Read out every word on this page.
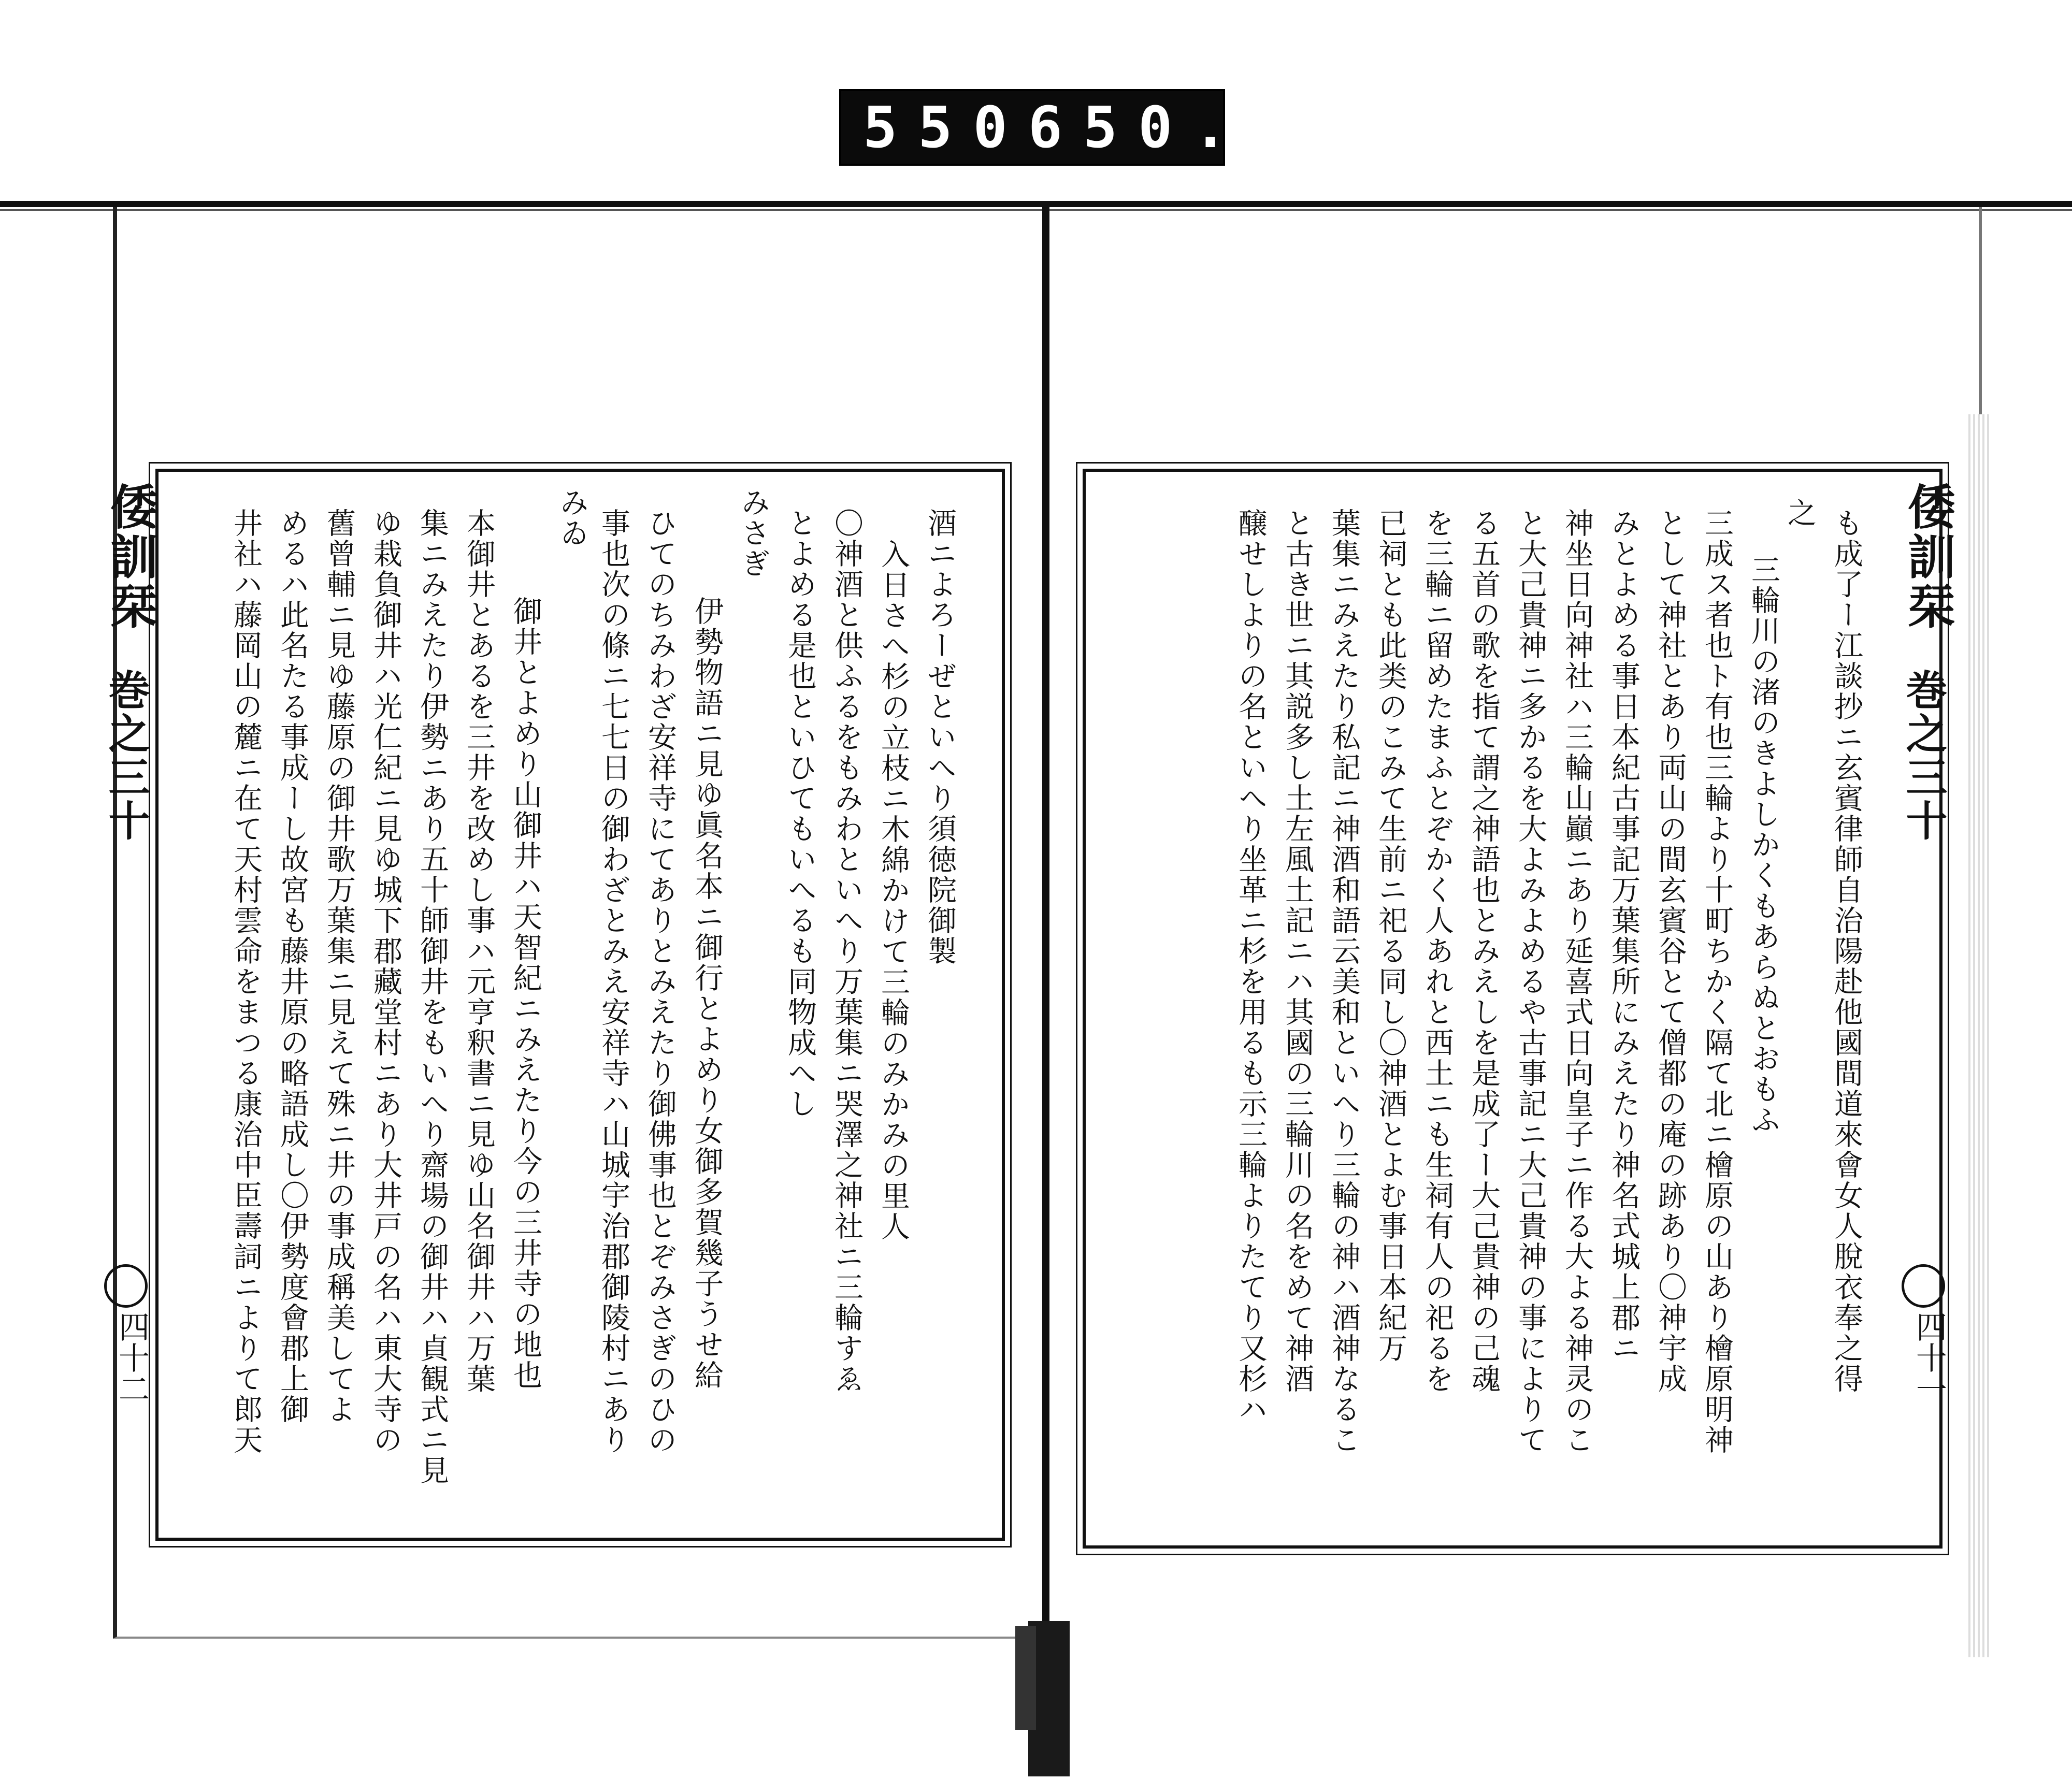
550 650.
倭訓栞
巻之三十
四十一
も成了ー江談抄ニ玄賓律師自治陽赴他國間道來會女人脫衣奉之得
之
三輪川の渚のきよしかくもあらぬとおもふ
三成ス者也ト有也三輪より十町ちかく隔て北ニ檜原の山あり檜原明神
として神社とあり両山の間玄賓谷とて僧都の庵の跡あり〇神宇成
みとよめる事日本紀古事記万葉集所にみえたり神名式城上郡ニ
神坐日向神社ハ三輪山巓ニあり延喜式日向皇子ニ作る大よる神灵のこ
と大己貴神ニ多かるを大よみよめるや古事記ニ大己貴神の事によりて
る五首の歌を指て謂之神語也とみえしを是成了ー大己貴神の己魂
を三輪ニ留めたまふとぞかく人あれと西土ニも生祠有人の祀るを
已祠とも此类のこみて生前ニ祀る同し〇神酒とよむ事日本紀万
葉集ニみえたり私記ニ神酒和語云美和といへり三輪の神ハ酒神なるこ
と古き世ニ其説多し土左風土記ニハ其國の三輪川の名をめて神酒
醸せしよりの名といへり坐革ニ杉を用るも示三輪よりたてり又杉ハ
倭訓栞
巻之三十
四十二
酒ニよろーぜといへり須徳院御製
入日さへ杉の立枝ニ木綿かけて三輪のみかみの里人
〇神酒と供ふるをもみわといへり万葉集ニ哭澤之神社ニ三輪すゑ
とよめる是也といひてもいへるも同物成へし
みさぎ
伊勢物語ニ見ゆ眞名本ニ御行とよめり女御多賀幾子うせ給
ひてのちみわざ安祥寺にてありとみえたり御佛事也とぞみさぎのひの
事也次の條ニ七七日の御わざとみえ安祥寺ハ山城宇治郡御陵村ニあり
みゐ
御井とよめり山御井ハ天智紀ニみえたり今の三井寺の地也
本御井とあるを三井を改めし事ハ元亨釈書ニ見ゆ山名御井ハ万葉
集ニみえたり伊勢ニあり五十師御井をもいへり齋場の御井ハ貞観式ニ見
ゆ栽負御井ハ光仁紀ニ見ゆ城下郡藏堂村ニあり大井戸の名ハ東大寺の
舊曾輔ニ見ゆ藤原の御井歌万葉集ニ見えて殊ニ井の事成稱美してよ
めるハ此名たる事成ーし故宮も藤井原の略語成し〇伊勢度會郡上御
井社ハ藤岡山の麓ニ在て天村雲命をまつる康治中臣壽詞ニよりて郎天
